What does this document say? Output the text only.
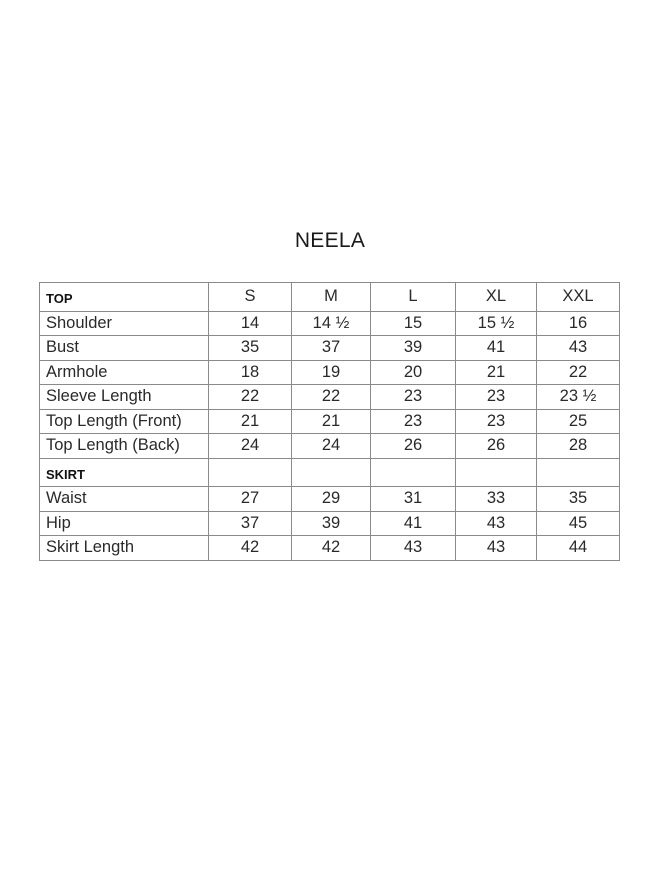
NEELA
TOP	S	M	L	XL	XXL
Shoulder	14	14 ½	15	15 ½	16
Bust	35	37	39	41	43
Armhole	18	19	20	21	22
Sleeve Length	22	22	23	23	23 ½
Top Length (Front)	21	21	23	23	25
Top Length (Back)	24	24	26	26	28
SKIRT					
Waist	27	29	31	33	35
Hip	37	39	41	43	45
Skirt Length	42	42	43	43	44
